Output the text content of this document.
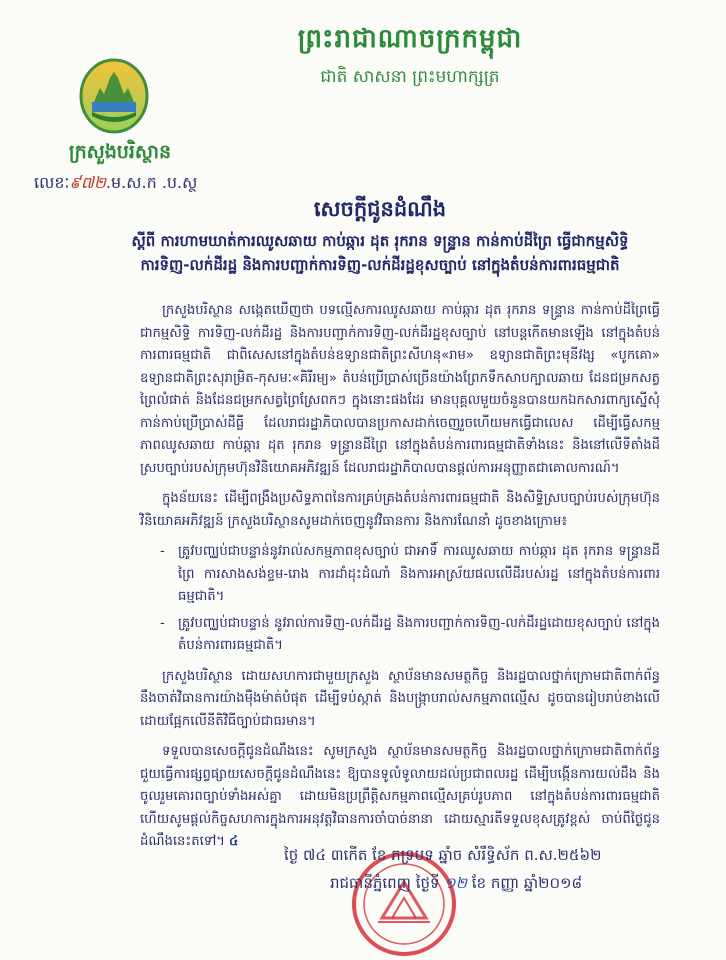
ព្រះរាជាណាចក្រកម្ពុជា
ជាតិ សាសនា ព្រះមហាក្សត្រ
ក្រសួងបរិស្ថាន
លេខៈ៩៧២.ម.ស.ក .ប.ស្ថ
សេចក្តីជូនដំណឹង
ស្តីពី ការហាមឃាត់ការឈូសឆាយ កាប់ឆ្ការ ដុត រុករាន ទន្ទ្រាន កាន់កាប់ដីព្រៃ ធ្វើជាកម្មសិទ្ធិ ការទិញ-លក់ដីរដ្ឋ និងការបញ្ជាក់ការទិញ-លក់ដីរដ្ឋខុសច្បាប់ នៅក្នុងតំបន់ការពារធម្មជាតិ

ក្រសួងបរិស្ថាន សង្កេតឃើញថា បទល្មើសការឈូសឆាយ កាប់ឆ្ការ ដុត រុករាន ទន្ទ្រាន កាន់កាប់ដីព្រៃធ្វើជាកម្មសិទ្ធិ ការទិញ-លក់ដីរដ្ឋ និងការបញ្ជាក់ការទិញ-លក់ដីរដ្ឋខុសច្បាប់ នៅបន្តកើតមានឡើង នៅក្នុងតំបន់ការពារធម្មជាតិ ជាពិសេសនៅក្នុងតំបន់ឧទ្យានជាតិព្រះសីហនុ«រាម» ឧទ្យានជាតិព្រះមុនីវង្ស «បូកគោ» ឧទ្យានជាតិព្រះសុរាម្រិត-កុសមៈ«គិរីរម្យ» តំបន់ប្រើប្រាស់ច្រើនយ៉ាងព្រែកទឹកសាបក្បាលឆាយ ដែនជម្រកសត្វព្រៃលំផាត់ និងដែនជម្រកសត្វព្រៃស្រែពកៗ ក្នុងនោះផងដែរ មានបុគ្គលមួយចំនួនបានយកឯកសារពាក្យស្នើសុំកាន់កាប់ប្រើប្រាស់ដីធ្លី ដែលរាជរដ្ឋាភិបាលបានប្រកាសដាក់ចេញរួចហើយមកធ្វើជាលេស ដើម្បីធ្វើសកម្មភាពឈូសឆាយ កាប់ឆ្ការ ដុត រុករាន ទន្ទ្រានដីព្រៃ នៅក្នុងតំបន់ការពារធម្មជាតិទាំងនេះ និងនៅលើទីតាំងដីស្របច្បាប់របស់ក្រុមហ៊ុនវិនិយោគអភិវឌ្ឍន៍ ដែលរាជរដ្ឋាភិបាលបានផ្តល់ការអនុញ្ញាតជាគោលការណ៍។

ក្នុងន័យនេះ ដើម្បីពង្រឹងប្រសិទ្ធភាពនៃការគ្រប់គ្រងតំបន់ការពារធម្មជាតិ និងសិទ្ធិស្របច្បាប់របស់ក្រុមហ៊ុនវិនិយោគអភិវឌ្ឍន៍ ក្រសួងបរិស្ថានសូមដាក់ចេញនូវវិធានការ និងការណែនាំ ដូចខាងក្រោម៖

- ត្រូវបញ្ឈប់ជាបន្ទាន់នូវរាល់សកម្មភាពខុសច្បាប់ ជាអាទិ៍ ការឈូសឆាយ កាប់ឆ្ការ ដុត រុករាន ទន្ទ្រានដីព្រៃ ការសាងសង់ខ្ទម-រោង ការដាំដុះដំណាំ និងការអាស្រ័យផលលើដីរបស់រដ្ឋ នៅក្នុងតំបន់ការពារធម្មជាតិ។
- ត្រូវបញ្ឈប់ជាបន្ទាន់ នូវរាល់ការទិញ-លក់ដីរដ្ឋ និងការបញ្ជាក់ការទិញ-លក់ដីរដ្ឋដោយខុសច្បាប់ នៅក្នុងតំបន់ការពារធម្មជាតិ។

ក្រសួងបរិស្ថាន ដោយសហការជាមួយក្រសួង ស្ថាប័នមានសមត្ថកិច្ច និងរដ្ឋបាលថ្នាក់ក្រោមជាតិពាក់ព័ន្ធ នឹងចាត់វិធានការយ៉ាងម៉ឺងម៉ាត់បំផុត ដើម្បីទប់ស្កាត់ និងបង្ក្រាបរាល់សកម្មភាពល្មើស ដូចបានរៀបរាប់ខាងលើ ដោយផ្អែកលើនីតិវិធីច្បាប់ជាធរមាន។

ទទួលបានសេចក្តីជូនដំណឹងនេះ សូមក្រសួង ស្ថាប័នមានសមត្ថកិច្ច និងរដ្ឋបាលថ្នាក់ក្រោមជាតិពាក់ព័ន្ធ ជួយធ្វើការផ្សព្វផ្សាយសេចក្តីជូនដំណឹងនេះ ឱ្យបានទូលំទូលាយដល់ប្រជាពលរដ្ឋ ដើម្បីបង្កើនការយល់ដឹង និងចូលរួមគោរពច្បាប់ទាំងអស់គ្នា ដោយមិនប្រព្រឹត្តិសកម្មភាពល្មើសគ្រប់រូបភាព នៅក្នុងតំបន់ការពារធម្មជាតិ ហើយសូមផ្តល់កិច្ចសហការក្នុងការអនុវត្តវិធានការចាំបាច់នានា ដោយស្មារតីទទួលខុសត្រូវខ្ពស់ ចាប់ពីថ្ងៃជូនដំណឹងនេះតទៅ។ ៤

ថ្ងៃ ៧៤ ៣កើត ខែ ភទ្របទ ឆ្នាំច សំរឹទ្ធិស័ក ព.ស.២៥៦២
រាជធានីភ្នំពេញ ថ្ងៃទី ១២ ខែ កញ្ញា ឆ្នាំ២០១៨
